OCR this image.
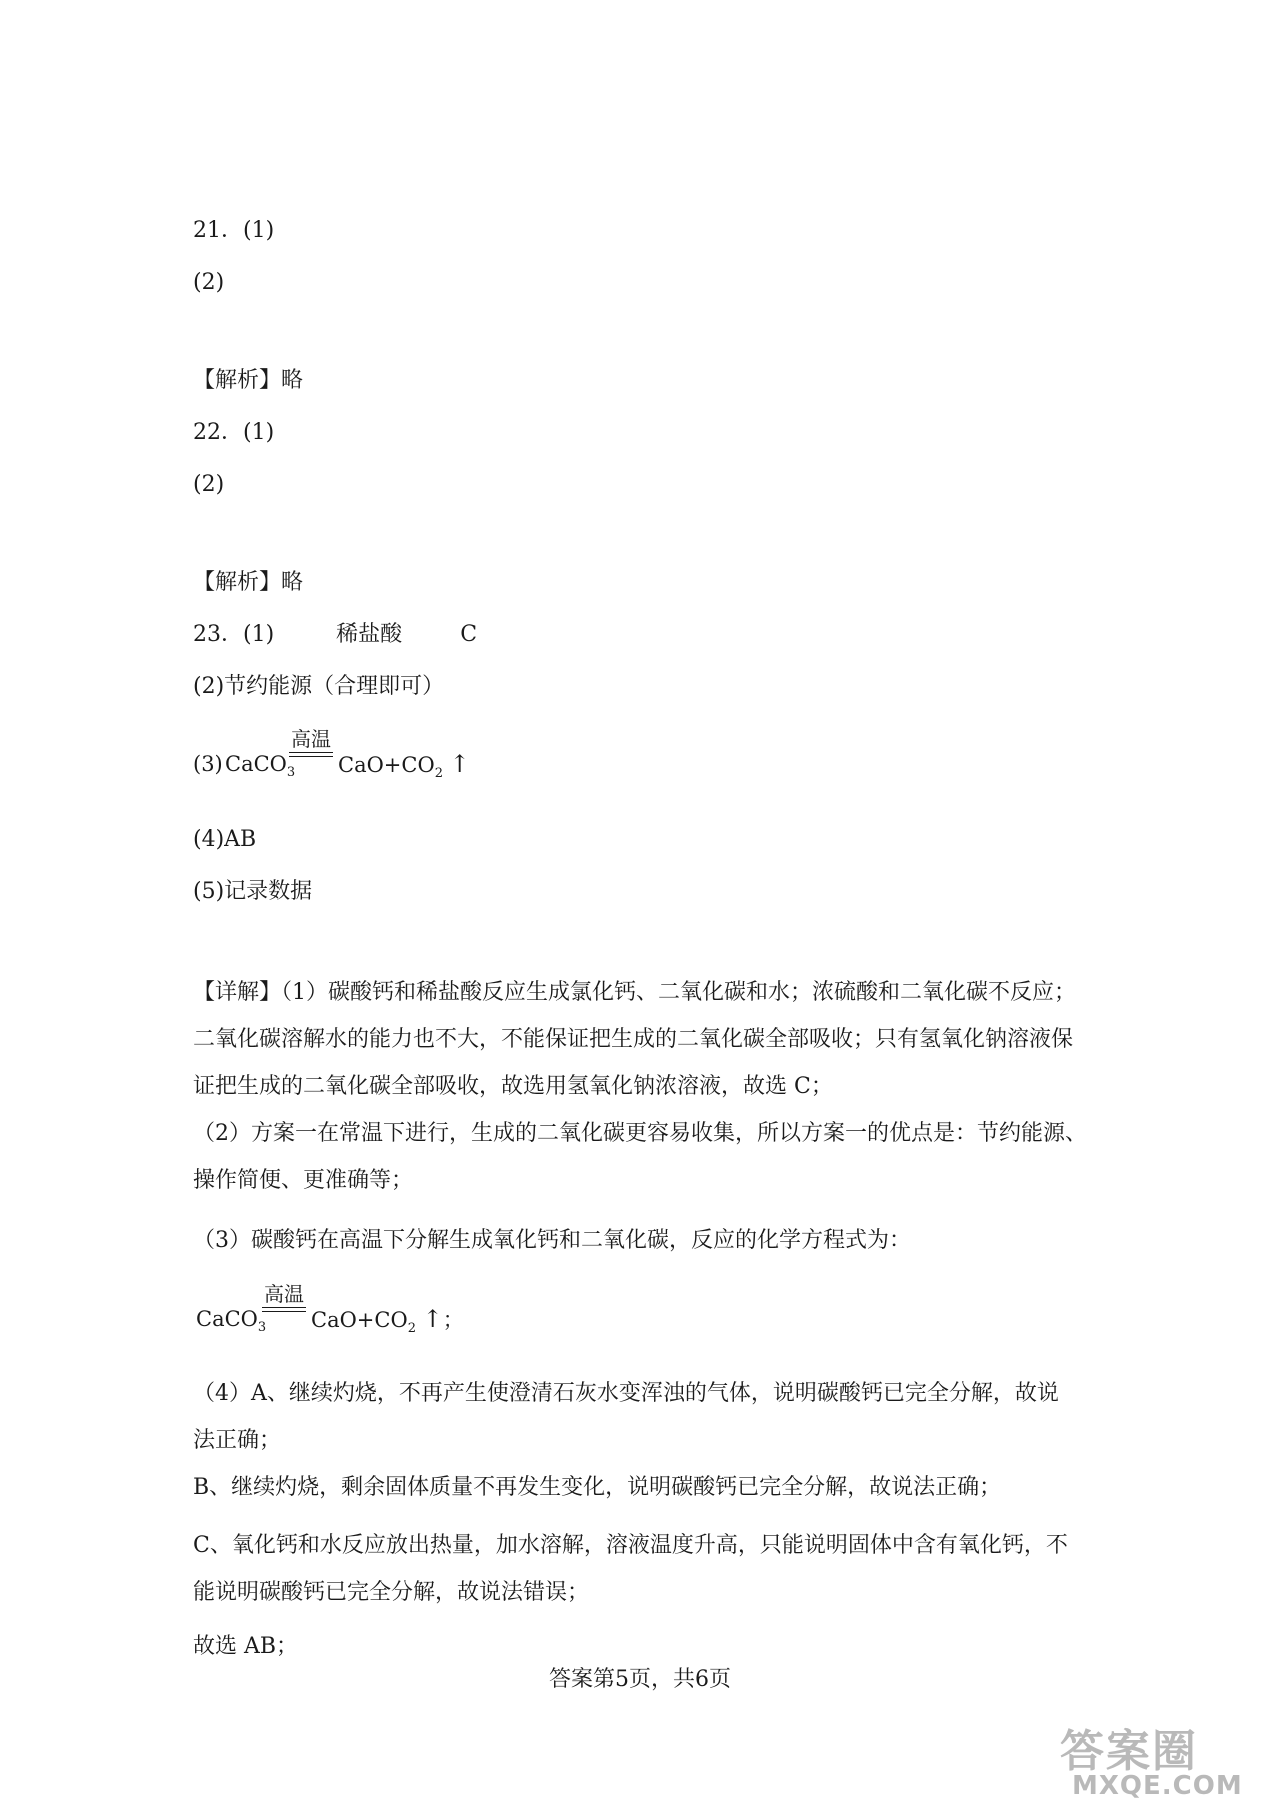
21．(1)
(2)
【解析】略
22．(1)
(2)
【解析】略
23．(1)	稀盐酸	C
(2)节约能源（合理即可）
(3) CaCO$_3$
高温
$CaO+CO_2$ ↑
(4)AB
(5)记录数据
【详解】（1）碳酸钙和稀盐酸反应生成氯化钙、二氧化碳和水；浓硫酸和二氧化碳不反应；
二氧化碳溶解水的能力也不大，不能保证把生成的二氧化碳全部吸收；只有氢氧化钠溶液保
证把生成的二氧化碳全部吸收，故选用氢氧化钠浓溶液，故选 C；
（2）方案一在常温下进行，生成的二氧化碳更容易收集，所以方案一的优点是：节约能源、
操作简便、更准确等；
（3）碳酸钙在高温下分解生成氧化钙和二氧化碳，反应的化学方程式为：
CaCO$_3$
高温
$CaO+CO_2$ ↑；
（4）A、继续灼烧，不再产生使澄清石灰水变浑浊的气体，说明碳酸钙已完全分解，故说
法正确；
B、继续灼烧，剩余固体质量不再发生变化，说明碳酸钙已完全分解，故说法正确；
C、氧化钙和水反应放出热量，加水溶解，溶液温度升高，只能说明固体中含有氧化钙，不
能说明碳酸钙已完全分解，故说法错误；
故选 AB；
答案第5页，共6页
答案圈
MXQE.COM
